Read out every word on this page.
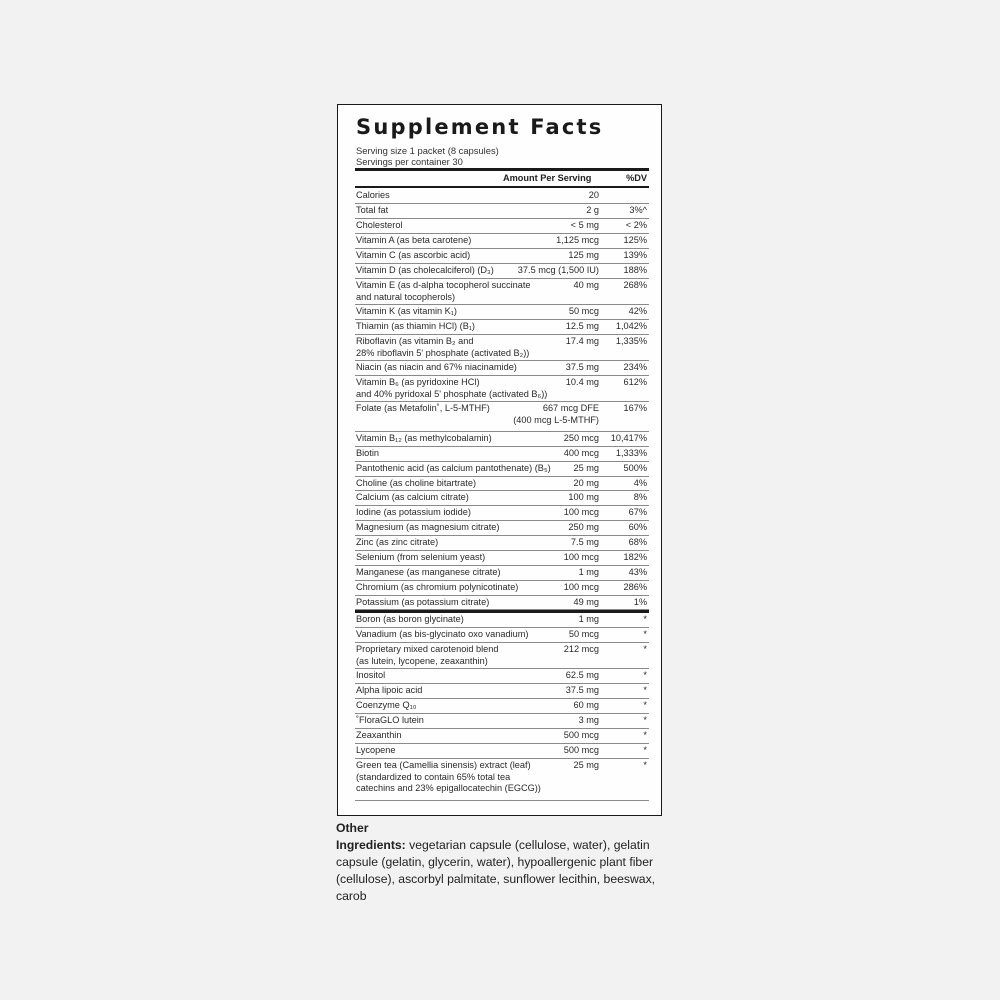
Supplement Facts
Serving size 1 packet (8 capsules)
Servings per container 30
Amount Per Serving	%DV
Calories	20
Total fat	2 g	3%^
Cholesterol	< 5 mg	< 2%
Vitamin A (as beta carotene)	1,125 mcg	125%
Vitamin C (as ascorbic acid)	125 mg	139%
Vitamin D (as cholecalciferol) (D₃)	37.5 mcg (1,500 IU)	188%
Vitamin E (as d-alpha tocopherol succinate
and natural tocopherols)
40 mg	268%
Vitamin K (as vitamin K₁)	50 mcg	42%
Thiamin (as thiamin HCl) (B₁)	12.5 mg 1,042%
Riboflavin (as vitamin B₂ and
28% riboflavin 5' phosphate (activated B₂))
17.4 mg 1,335%
Niacin (as niacin and 67% niacinamide)	37.5 mg	234%
Vitamin B₆ (as pyridoxine HCl)
and 40% pyridoxal 5' phosphate (activated B₆))
10.4 mg	612%
Folate (as Metafolin˚, L-5-MTHF)	667 mcg DFE
(400 mcg L-5-MTHF)
167%
Vitamin B₁₂ (as methylcobalamin)	250 mcg 10,417%
Biotin	400 mcg 1,333%
Pantothenic acid (as calcium pantothenate) (B₅) 25 mg	500%
Choline (as choline bitartrate)	20 mg	4%
Calcium (as calcium citrate)	100 mg	8%
Iodine (as potassium iodide)	100 mcg	67%
Magnesium (as magnesium citrate)	250 mg	60%
Zinc (as zinc citrate)	7.5 mg	68%
Selenium (from selenium yeast)	100 mcg	182%
Manganese (as manganese citrate)	1 mg	43%
Chromium (as chromium polynicotinate)	100 mcg	286%
Potassium (as potassium citrate)	49 mg	1%
Boron (as boron glycinate)	1 mg	*
Vanadium (as bis-glycinato oxo vanadium)	50 mcg	*
Proprietary mixed carotenoid blend
(as lutein, lycopene, zeaxanthin)
212 mcg	*
Inositol	62.5 mg	*
Alpha lipoic acid	37.5 mg	*
Coenzyme Q₁₀	60 mg	*
˚FloraGLO lutein	3 mg	*
Zeaxanthin	500 mcg	*
Lycopene	500 mcg	*
Green tea (Camellia sinensis) extract (leaf)
(standardized to contain 65% total tea
catechins and 23% epigallocatechin (EGCG))
25 mg	*
Other
Ingredients: vegetarian capsule (cellulose, water), gelatin capsule (gelatin, glycerin, water), hypoallergenic plant fiber (cellulose), ascorbyl palmitate, sunflower lecithin, beeswax, carob
